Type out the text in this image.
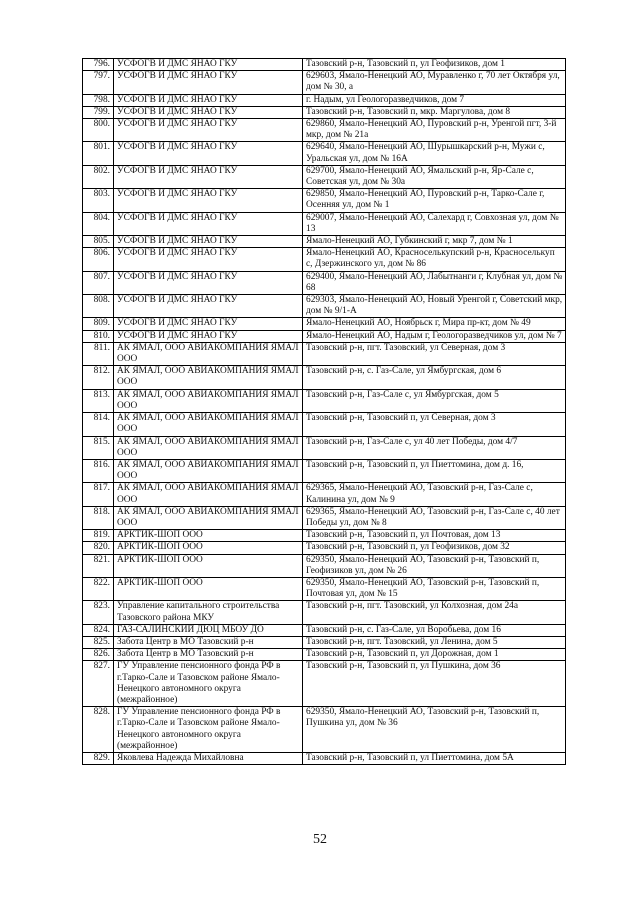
796.	УСФОГВ И ДМС ЯНАО ГКУ	Тазовский р-н, Тазовский п, ул Геофизиков, дом 1
797.	УСФОГВ И ДМС ЯНАО ГКУ	629603, Ямало-Ненецкий АО, Муравленко г, 70 лет Октября ул, дом № 30, а
798.	УСФОГВ И ДМС ЯНАО ГКУ	г. Надым, ул Геологоразведчиков, дом 7
799.	УСФОГВ И ДМС ЯНАО ГКУ	Тазовский р-н, Тазовский п, мкр. Маргулова, дом 8
800.	УСФОГВ И ДМС ЯНАО ГКУ	629860, Ямало-Ненецкий АО, Пуровский р-н, Уренгой пгт, 3-й мкр, дом № 21а
801.	УСФОГВ И ДМС ЯНАО ГКУ	629640, Ямало-Ненецкий АО, Шурышкарский р-н, Мужи с, Уральская ул, дом № 16А
802.	УСФОГВ И ДМС ЯНАО ГКУ	629700, Ямало-Ненецкий АО, Ямальский р-н, Яр-Сале с, Советская ул, дом № 30а
803.	УСФОГВ И ДМС ЯНАО ГКУ	629850, Ямало-Ненецкий АО, Пуровский р-н, Тарко-Сале г, Осенняя ул, дом № 1
804.	УСФОГВ И ДМС ЯНАО ГКУ	629007, Ямало-Ненецкий АО, Салехард г, Совхозная ул, дом № 13
805.	УСФОГВ И ДМС ЯНАО ГКУ	Ямало-Ненецкий АО, Губкинский г, мкр 7, дом № 1
806.	УСФОГВ И ДМС ЯНАО ГКУ	Ямало-Ненецкий АО, Красноселькупский р-н, Красноселькуп с, Дзержинского ул, дом № 86
807.	УСФОГВ И ДМС ЯНАО ГКУ	629400, Ямало-Ненецкий АО, Лабытнанги г, Клубная ул, дом № 68
808.	УСФОГВ И ДМС ЯНАО ГКУ	629303, Ямало-Ненецкий АО, Новый Уренгой г, Советский мкр, дом № 9/1-А
809.	УСФОГВ И ДМС ЯНАО ГКУ	Ямало-Ненецкий АО, Ноябрьск г, Мира пр-кт, дом № 49
810.	УСФОГВ И ДМС ЯНАО ГКУ	Ямало-Ненецкий АО, Надым г, Геологоразведчиков ул, дом № 7
811.	АК ЯМАЛ, ООО АВИАКОМПАНИЯ ЯМАЛ ООО	Тазовский р-н, пгт. Тазовский, ул Северная, дом 3
812.	АК ЯМАЛ, ООО АВИАКОМПАНИЯ ЯМАЛ ООО	Тазовский р-н, с. Газ-Сале, ул Ямбургская, дом 6
813.	АК ЯМАЛ, ООО АВИАКОМПАНИЯ ЯМАЛ ООО	Тазовский р-н, Газ-Сале с, ул Ямбургская, дом 5
814.	АК ЯМАЛ, ООО АВИАКОМПАНИЯ ЯМАЛ ООО	Тазовский р-н, Тазовский п, ул Северная, дом 3
815.	АК ЯМАЛ, ООО АВИАКОМПАНИЯ ЯМАЛ ООО	Тазовский р-н, Газ-Сале с, ул 40 лет Победы, дом 4/7
816.	АК ЯМАЛ, ООО АВИАКОМПАНИЯ ЯМАЛ ООО	Тазовский р-н, Тазовский п, ул Пиеттомина, дом д. 16,
817.	АК ЯМАЛ, ООО АВИАКОМПАНИЯ ЯМАЛ ООО	629365, Ямало-Ненецкий АО, Тазовский р-н, Газ-Сале с, Калинина ул, дом № 9
818.	АК ЯМАЛ, ООО АВИАКОМПАНИЯ ЯМАЛ ООО	629365, Ямало-Ненецкий АО, Тазовский р-н, Газ-Сале с, 40 лет Победы ул, дом № 8
819.	АРКТИК-ШОП ООО	Тазовский р-н, Тазовский п, ул Почтовая, дом 13
820.	АРКТИК-ШОП ООО	Тазовский р-н, Тазовский п, ул Геофизиков, дом 32
821.	АРКТИК-ШОП ООО	629350, Ямало-Ненецкий АО, Тазовский р-н, Тазовский п, Геофизиков ул, дом № 26
822.	АРКТИК-ШОП ООО	629350, Ямало-Ненецкий АО, Тазовский р-н, Тазовский п, Почтовая ул, дом № 15
823.	Управление капитального строительства Тазовского района МКУ	Тазовский р-н, пгт. Тазовский, ул Колхозная, дом 24а
824.	ГАЗ-САЛИНСКИЙ ДЮЦ МБОУ ДО	Тазовский р-н, с. Газ-Сале, ул Воробьева, дом 16
825.	Забота Центр в МО Тазовский р-н	Тазовский р-н, пгт. Тазовский, ул Ленина, дом 5
826.	Забота Центр в МО Тазовский р-н	Тазовский р-н, Тазовский п, ул Дорожная, дом 1
827.	ГУ Управление пенсионного фонда РФ в г.Тарко-Сале и Тазовском районе Ямало-Ненецкого автономного округа (межрайонное)	Тазовский р-н, Тазовский п, ул Пушкина, дом 36
828.	ГУ Управление пенсионного фонда РФ в г.Тарко-Сале и Тазовском районе Ямало-Ненецкого автономного округа (межрайонное)	629350, Ямало-Ненецкий АО, Тазовский р-н, Тазовский п, Пушкина ул, дом № 36
829.	Яковлева Надежда Михайловна	Тазовский р-н, Тазовский п, ул Пиеттомина, дом 5А
52
